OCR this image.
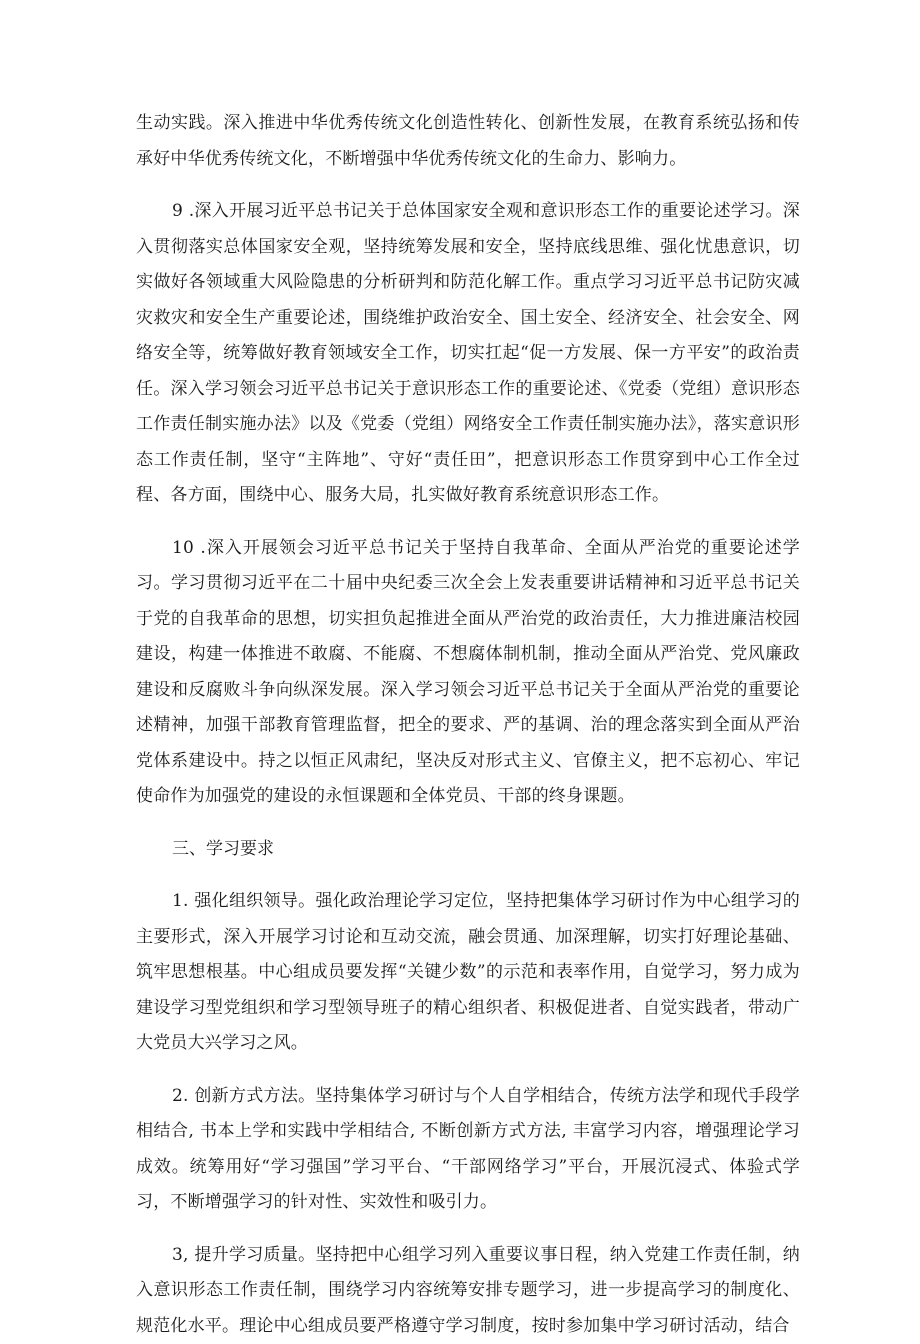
生动实践。深入推进中华优秀传统文化创造性转化、创新性发展，在教育系统弘扬和传承好中华优秀传统文化，不断增强中华优秀传统文化的生命力、影响力。

9 .深入开展习近平总书记关于总体国家安全观和意识形态工作的重要论述学习。深入贯彻落实总体国家安全观，坚持统筹发展和安全，坚持底线思维、强化忧患意识，切实做好各领域重大风险隐患的分析研判和防范化解工作。重点学习习近平总书记防灾减灾救灾和安全生产重要论述，围绕维护政治安全、国土安全、经济安全、社会安全、网络安全等，统筹做好教育领域安全工作，切实扛起“促一方发展、保一方平安”的政治责任。深入学习领会习近平总书记关于意识形态工作的重要论述、《党委（党组）意识形态工作责任制实施办法》以及《党委（党组）网络安全工作责任制实施办法》，落实意识形态工作责任制，坚守“主阵地”、守好“责任田”，把意识形态工作贯穿到中心工作全过程、各方面，围绕中心、服务大局，扎实做好教育系统意识形态工作。

10 .深入开展领会习近平总书记关于坚持自我革命、全面从严治党的重要论述学习。学习贯彻习近平在二十届中央纪委三次全会上发表重要讲话精神和习近平总书记关于党的自我革命的思想，切实担负起推进全面从严治党的政治责任，大力推进廉洁校园建设，构建一体推进不敢腐、不能腐、不想腐体制机制，推动全面从严治党、党风廉政建设和反腐败斗争向纵深发展。深入学习领会习近平总书记关于全面从严治党的重要论述精神，加强干部教育管理监督，把全的要求、严的基调、治的理念落实到全面从严治党体系建设中。持之以恒正风肃纪，坚决反对形式主义、官僚主义，把不忘初心、牢记使命作为加强党的建设的永恒课题和全体党员、干部的终身课题。

三、学习要求

1. 强化组织领导。强化政治理论学习定位，坚持把集体学习研讨作为中心组学习的主要形式，深入开展学习讨论和互动交流，融会贯通、加深理解，切实打好理论基础、筑牢思想根基。中心组成员要发挥“关键少数”的示范和表率作用，自觉学习，努力成为建设学习型党组织和学习型领导班子的精心组织者、积极促进者、自觉实践者，带动广大党员大兴学习之风。

2. 创新方式方法。坚持集体学习研讨与个人自学相结合，传统方法学和现代手段学相结合, 书本上学和实践中学相结合, 不断创新方式方法, 丰富学习内容，增强理论学习成效。统筹用好“学习强国”学习平台、“干部网络学习”平台，开展沉浸式、体验式学习，不断增强学习的针对性、实效性和吸引力。

3, 提升学习质量。坚持把中心组学习列入重要议事日程，纳入党建工作责任制，纳入意识形态工作责任制，围绕学习内容统筹安排专题学习，进一步提高学习的制度化、规范化水平。理论中心组成员要严格遵守学习制度，按时参加集中学习研讨活动，结合
